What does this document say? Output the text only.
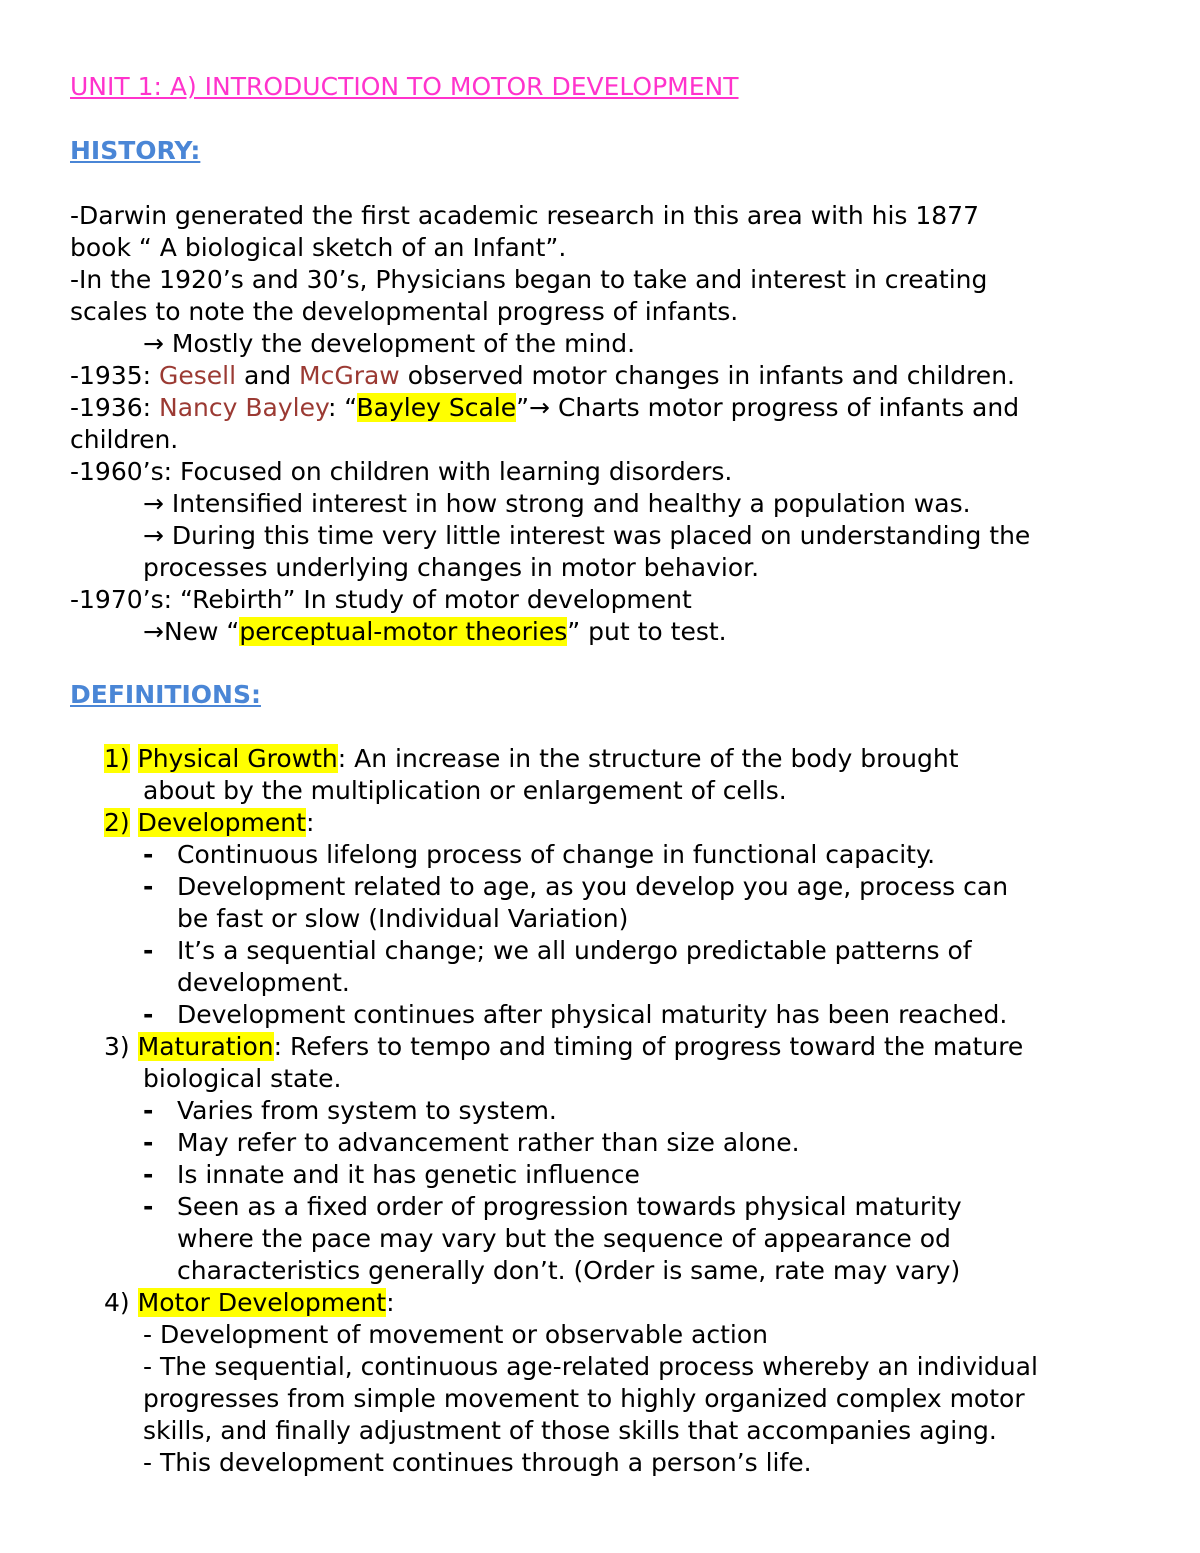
UNIT 1: A) INTRODUCTION TO MOTOR DEVELOPMENT
HISTORY:
-Darwin generated the first academic research in this area with his 1877
book “ A biological sketch of an Infant”.
-In the 1920’s and 30’s, Physicians began to take and interest in creating
scales to note the developmental progress of infants.
→ Mostly the development of the mind.
-1935: Gesell and McGraw observed motor changes in infants and children.
-1936: Nancy Bayley: “Bayley Scale”→ Charts motor progress of infants and
children.
-1960’s: Focused on children with learning disorders.
→ Intensified interest in how strong and healthy a population was.
→ During this time very little interest was placed on understanding the
processes underlying changes in motor behavior.
-1970’s: “Rebirth” In study of motor development
→New “perceptual-motor theories” put to test.
DEFINITIONS:
1) Physical Growth: An increase in the structure of the body brought
about by the multiplication or enlargement of cells.
2) Development:
- Continuous lifelong process of change in functional capacity.
- Development related to age, as you develop you age, process can
be fast or slow (Individual Variation)
- It’s a sequential change; we all undergo predictable patterns of
development.
- Development continues after physical maturity has been reached.
3) Maturation: Refers to tempo and timing of progress toward the mature
biological state.
- Varies from system to system.
- May refer to advancement rather than size alone.
- Is innate and it has genetic influence
- Seen as a fixed order of progression towards physical maturity
where the pace may vary but the sequence of appearance od
characteristics generally don’t. (Order is same, rate may vary)
4) Motor Development:
- Development of movement or observable action
- The sequential, continuous age-related process whereby an individual
progresses from simple movement to highly organized complex motor
skills, and finally adjustment of those skills that accompanies aging.
- This development continues through a person’s life.
